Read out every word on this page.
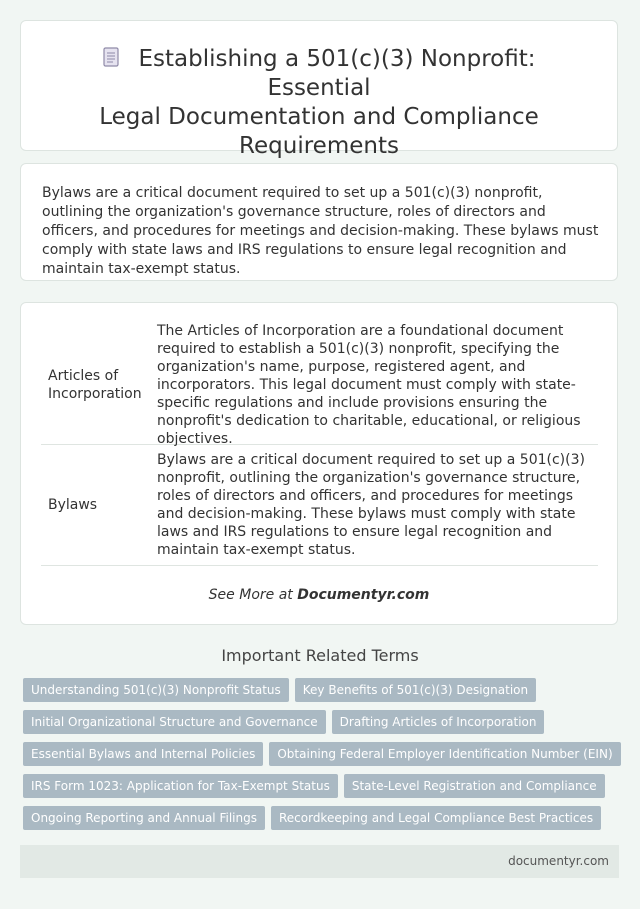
Establishing a 501(c)(3) Nonprofit: Essential
Legal Documentation and Compliance
Requirements

Bylaws are a critical document required to set up a 501(c)(3) nonprofit, outlining the organization's governance structure, roles of directors and officers, and procedures for meetings and decision-making. These bylaws must comply with state laws and IRS regulations to ensure legal recognition and maintain tax-exempt status.

Articles of Incorporation
The Articles of Incorporation are a foundational document required to establish a 501(c)(3) nonprofit, specifying the organization's name, purpose, registered agent, and incorporators. This legal document must comply with state-specific regulations and include provisions ensuring the nonprofit's dedication to charitable, educational, or religious objectives.
Bylaws
Bylaws are a critical document required to set up a 501(c)(3) nonprofit, outlining the organization's governance structure, roles of directors and officers, and procedures for meetings and decision-making. These bylaws must comply with state laws and IRS regulations to ensure legal recognition and maintain tax-exempt status.
See More at Documentyr.com
Important Related Terms
Understanding 501(c)(3) Nonprofit Status Key Benefits of 501(c)(3) Designation
Initial Organizational Structure and Governance Drafting Articles of Incorporation
Essential Bylaws and Internal Policies Obtaining Federal Employer Identification Number (EIN)
IRS Form 1023: Application for Tax-Exempt Status State-Level Registration and Compliance
Ongoing Reporting and Annual Filings Recordkeeping and Legal Compliance Best Practices
documentyr.com
